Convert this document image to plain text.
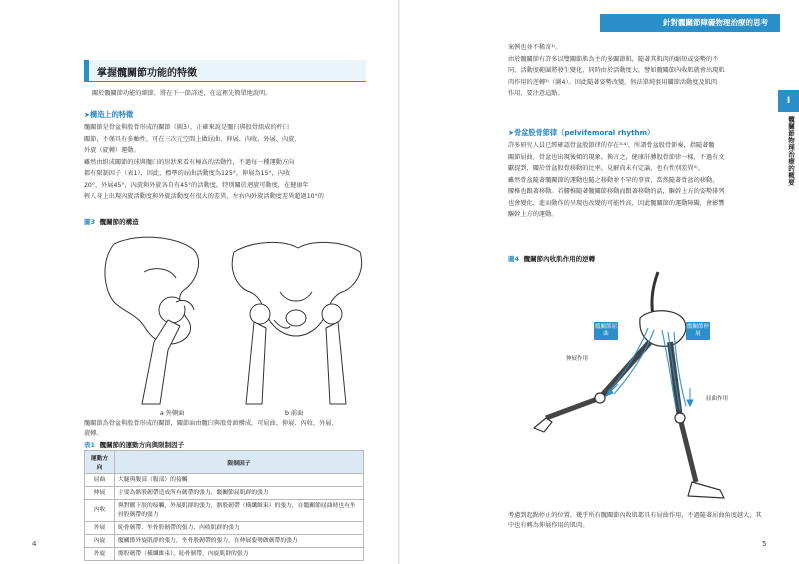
針對髖關節障礙物理治療的思考
掌握髖關節功能的特徵
關於髖關節功能的細節，將在下一節詳述，在這裡先簡單地說明。
➤構造上的特徵
髖關節是骨盆與股骨形成的關節（圖3），正確來說是髖臼與股骨組成的杵臼
關節，不僅具有多軸性，可在三次元空間上做屈曲、伸展、內收、外展、內旋、
外旋（旋轉）運動。
雖然由組成關節的球與髖臼的形狀來看有極高的活動性，不過每一種運動方向
都有限制因子（表1），因此，標準的屈曲活動度為125°，伸展為15°，內收
20°，外展45°，內旋與外旋各自有45°的活動度。特別關於迴旋可動度，在健康年
輕人身上出現內旋活動度與外旋活動度有很大的差異，左右內外旋活動度差異超過10°的
圖3 髖關節的構造
a 外側面	b 前面
髖關節為骨盆與股骨形成的關節，關節面由髖臼與股骨頭構成，可屈曲、伸展、內收、外展、
旋轉。
表1 髖關節的運動方向與限制因子
運動方向	限制因子
屈曲	大腿與腹部（腹部）的接觸
伸展	主要為髂股韌帶造成所有韌帶的張力，髖關節屈肌群的張力
內收	與對側下肢的接觸，外展肌群的張力，髂股韌帶（橫纖維束）的張力，在髖關節屈曲時也有坐骨股韌帶的張力
外展	恥骨韌帶，坐骨股韌帶的張力，內收肌群的張力
內旋	髖關節外旋肌群的張力，坐骨股韌帶的張力，在伸展姿勢做韌帶的張力
外旋	髂股韌帶（橫纖維束），恥骨韌帶，內旋肌群的張力
4
案例也並不稀奇¹⁾。
由於髖關節有許多以雙關節肌為主的多關節肌，隨著其肌肉的縮短或姿勢的不
同，活動度範圍將發生變化，同時由於活動度大，譬如髖關節內收肌就會出現肌
肉作用的逆轉²⁾（圖4）。因此隨著姿勢改變，無法單純套用關節活動度及肌肉
作用，要注意這點。
➤骨盆股骨節律（pelvifemoral rhythm）
許多研究人員已經確認骨盆股節律的存在³·⁴⁾，所謂骨盆股骨節奏，指隨著髖
關節屈曲，骨盆也出現後傾的現象。換言之，健康肝膊股骨節律一樣，不過有文
獻提到，關於骨盆股骨移動的比率，見解尚未有定論，也有性別差異⁵⁾。
雖然骨盆隨著髖關節的運動也隨之移動並不罕的事實，當然隨著骨盆的移動，
腰椎也跟著移動。若腰椎隨著髖關節移動而跟著移動的話，驅幹上方的姿勢排列
也會變化，進而動作的呈現也改變的可能性高，因此髖關節的運動障礙，會影響
驅幹上方的運動。
圖4 髖關節內收肌作用的逆轉
髖關節屈曲
髖關節伸展
伸展作用
屈曲作用
考慮到起點停止的位置，幾乎所有髖關節內收肌都具有屈曲作用，不過隨著屈曲角度越大，其
中也有轉為伸展作用的肌肉。
5
I
髖關節物理治療的概要
